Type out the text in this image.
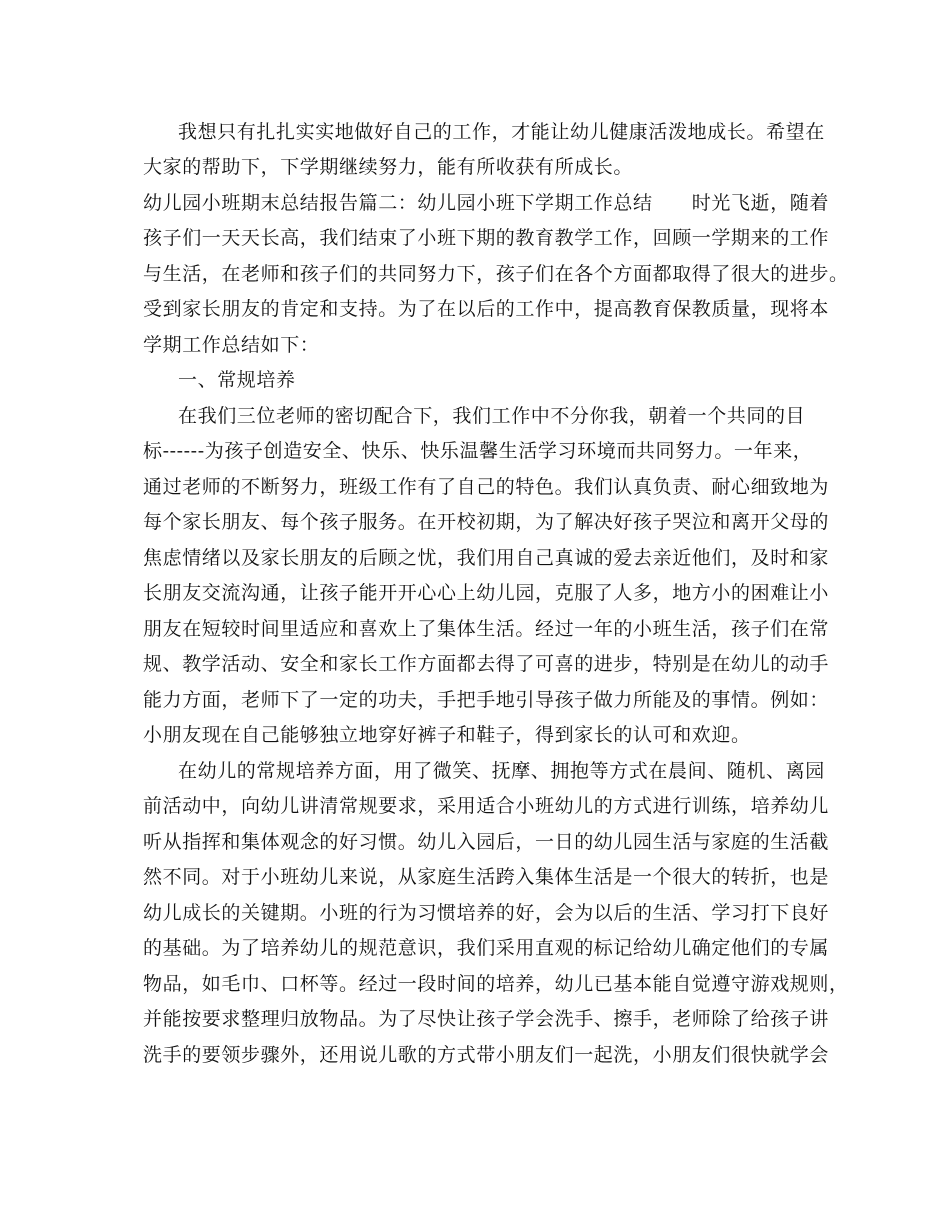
我想只有扎扎实实地做好自己的工作，才能让幼儿健康活泼地成长。希望在
大家的帮助下，下学期继续努力，能有所收获有所成长。
幼儿园小班期末总结报告篇二：幼儿园小班下学期工作总结　　时光飞逝，随着
孩子们一天天长高，我们结束了小班下期的教育教学工作，回顾一学期来的工作
与生活，在老师和孩子们的共同努力下，孩子们在各个方面都取得了很大的进步。
受到家长朋友的肯定和支持。为了在以后的工作中，提高教育保教质量，现将本
学期工作总结如下：
一、常规培养
在我们三位老师的密切配合下，我们工作中不分你我，朝着一个共同的目
标------为孩子创造安全、快乐、快乐温馨生活学习环境而共同努力。一年来，
通过老师的不断努力，班级工作有了自己的特色。我们认真负责、耐心细致地为
每个家长朋友、每个孩子服务。在开校初期，为了解决好孩子哭泣和离开父母的
焦虑情绪以及家长朋友的后顾之忧，我们用自己真诚的爱去亲近他们，及时和家
长朋友交流沟通，让孩子能开开心心上幼儿园，克服了人多，地方小的困难让小
朋友在短较时间里适应和喜欢上了集体生活。经过一年的小班生活，孩子们在常
规、教学活动、安全和家长工作方面都去得了可喜的进步，特别是在幼儿的动手
能力方面，老师下了一定的功夫，手把手地引导孩子做力所能及的事情。例如：
小朋友现在自己能够独立地穿好裤子和鞋子，得到家长的认可和欢迎。
在幼儿的常规培养方面，用了微笑、抚摩、拥抱等方式在晨间、随机、离园
前活动中，向幼儿讲清常规要求，采用适合小班幼儿的方式进行训练，培养幼儿
听从指挥和集体观念的好习惯。幼儿入园后，一日的幼儿园生活与家庭的生活截
然不同。对于小班幼儿来说，从家庭生活跨入集体生活是一个很大的转折，也是
幼儿成长的关键期。小班的行为习惯培养的好，会为以后的生活、学习打下良好
的基础。为了培养幼儿的规范意识，我们采用直观的标记给幼儿确定他们的专属
物品，如毛巾、口杯等。经过一段时间的培养，幼儿已基本能自觉遵守游戏规则，
并能按要求整理归放物品。为了尽快让孩子学会洗手、擦手，老师除了给孩子讲
洗手的要领步骤外，还用说儿歌的方式带小朋友们一起洗，小朋友们很快就学会
